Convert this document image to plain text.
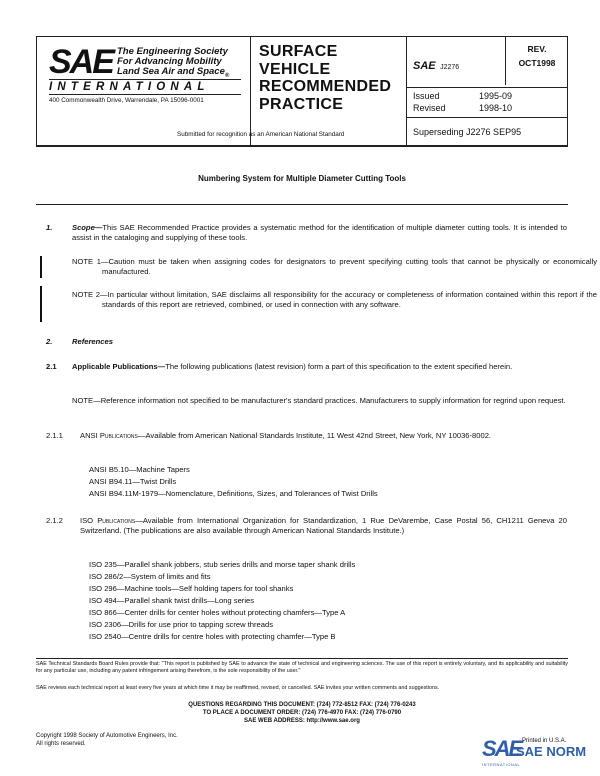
SAE The Engineering Society
For Advancing Mobility
Land Sea Air and Space$_®$
INTERNATIONAL
400 Commonwealth Drive, Warrendale, PA 15096-0001
SURFACE
VEHICLE
RECOMMENDED
PRACTICE
SAE J2276
REV.
OCT1998
Issued	1995-09
Revised	1998-10
Superseding J2276 SEP95
Submitted for recognition as an American National Standard
Numbering System for Multiple Diameter Cutting Tools
1.	Scope—This SAE Recommended Practice provides a systematic method for the identification of multiple diameter cutting tools. It is intended to assist in the cataloging and supplying of these tools.
NOTE 1—Caution must be taken when assigning codes for designators to prevent specifying cutting tools that cannot be physically or economically manufactured.
NOTE 2—In particular without limitation, SAE disclaims all responsibility for the accuracy or completeness of information contained within this report if the standards of this report are retrieved, combined, or used in connection with any software.
2.	References
2.1 Applicable Publications—The following publications (latest revision) form a part of this specification to the extent specified herein.
NOTE—Reference information not specified to be manufacturer's standard practices. Manufacturers to supply information for regrind upon request.
2.1.1 ANSI Publications—Available from American National Standards Institute, 11 West 42nd Street, New York, NY 10036-8002.
ANSI B5.10—Machine Tapers
ANSI B94.11—Twist Drills
ANSI B94.11M-1979—Nomenclature, Definitions, Sizes, and Tolerances of Twist Drills
2.1.2 ISO Publications—Available from International Organization for Standardization, 1 Rue DeVarembe, Case Postal 56, CH1211 Geneva 20 Switzerland. (The publications are also available through American National Standards Institute.)
ISO 235—Parallel shank jobbers, stub series drills and morse taper shank drills
ISO 286/2—System of limits and fits
ISO 296—Machine tools—Self holding tapers for tool shanks
ISO 494—Parallel shank twist drills—Long series
ISO 866—Center drills for center holes without protecting chamfers—Type A
ISO 2306—Drills for use prior to tapping screw threads
ISO 2540—Centre drills for centre holes with protecting chamfer—Type B
SAE Technical Standards Board Rules provide that: "This report is published by SAE to advance the state of technical and engineering sciences. The use of this report is entirely voluntary, and its applicability and suitability for any particular use, including any patent infringement arising therefrom, is the sole responsibility of the user."
SAE reviews each technical report at least every five years at which time it may be reaffirmed, revised, or cancelled. SAE invites your written comments and suggestions.
QUESTIONS REGARDING THIS DOCUMENT: (724) 772-8512 FAX: (724) 776-0243
TO PLACE A DOCUMENT ORDER: (724) 776-4970 FAX: (724) 776-0790
SAE WEB ADDRESS: http://www.sae.org
Copyright 1998 Society of Automotive Engineers, Inc.
All rights reserved.	Printed in U.S.A.
SAE
SAE NORM
INTERNATIONAL
